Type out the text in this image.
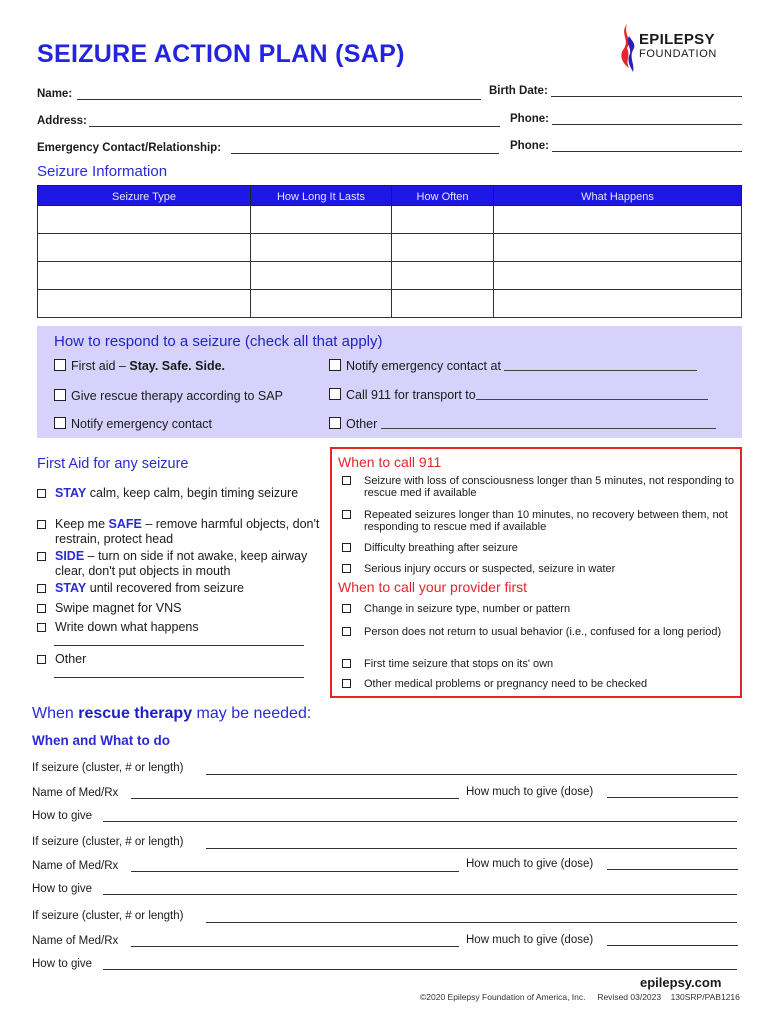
SEIZURE ACTION PLAN (SAP)
EPILEPSY
FOUNDATION
Name:	Birth Date:
Address:	Phone:
Emergency Contact/Relationship:	Phone:
Seizure Information
Seizure Type	How Long It Lasts	How Often	What Happens

How to respond to a seizure (check all that apply)
First aid – Stay. Safe. Side.	Notify emergency contact at
Give rescue therapy according to SAP	Call 911 for transport to
Notify emergency contact	Other
First Aid for any seizure
STAY calm, keep calm, begin timing seizure
Keep me SAFE – remove harmful objects, don't restrain, protect head
SIDE – turn on side if not awake, keep airway clear, don't put objects in mouth
STAY until recovered from seizure
Swipe magnet for VNS
Write down what happens
Other
When to call 911
Seizure with loss of consciousness longer than 5 minutes, not responding to rescue med if available
Repeated seizures longer than 10 minutes, no recovery between them, not responding to rescue med if available
Difficulty breathing after seizure
Serious injury occurs or suspected, seizure in water
When to call your provider first
Change in seizure type, number or pattern
Person does not return to usual behavior (i.e., confused for a long period)
First time seizure that stops on its' own
Other medical problems or pregnancy need to be checked
When rescue therapy may be needed:
When and What to do
If seizure (cluster, # or length)
Name of Med/Rx	How much to give (dose)
How to give
If seizure (cluster, # or length)
Name of Med/Rx	How much to give (dose)
How to give
If seizure (cluster, # or length)
Name of Med/Rx	How much to give (dose)
How to give
epilepsy.com
©2020 Epilepsy Foundation of America, Inc. Revised 03/2023 130SRP/PAB1216
